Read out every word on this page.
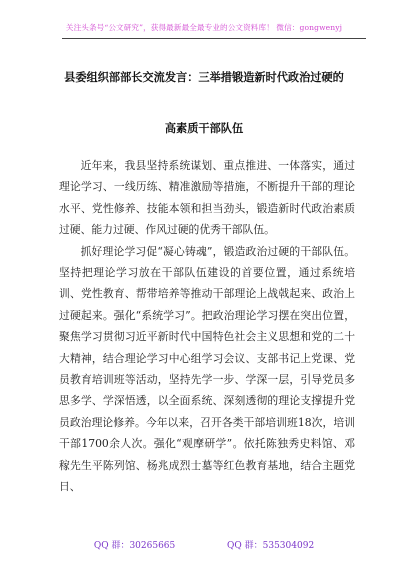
关注头条号“公文研究”，获得最新最全最专业的公文资料库！ 微信：gongwenyj
县委组织部部长交流发言：三举措锻造新时代政治过硬的
高素质干部队伍

近年来，我县坚持系统谋划、重点推进、一体落实，通过理论学习、一线历练、精准激励等措施，不断提升干部的理论水平、党性修养、技能本领和担当劲头，锻造新时代政治素质过硬、能力过硬、作风过硬的优秀干部队伍。

抓好理论学习促“凝心铸魂”，锻造政治过硬的干部队伍。坚持把理论学习放在干部队伍建设的首要位置，通过系统培训、党性教育、帮带培养等推动干部理论上战戟起来、政治上过硬起来。强化“系统学习”。把政治理论学习摆在突出位置，聚焦学习贯彻习近平新时代中国特色社会主义思想和党的二十大精神，结合理论学习中心组学习会议、支部书记上党课、党员教育培训班等活动，坚持先学一步、学深一层，引导党员多思多学、学深悟透，以全面系统、深刻透彻的理论支撑提升党员政治理论修养。今年以来，召开各类干部培训班18次，培训干部1700余人次。强化“观摩研学”。依托陈独秀史料馆、邓稼先生平陈列馆、杨兆成烈士墓等红色教育基地，结合主题党日、

QQ 群：30265665	QQ 群：535304092
